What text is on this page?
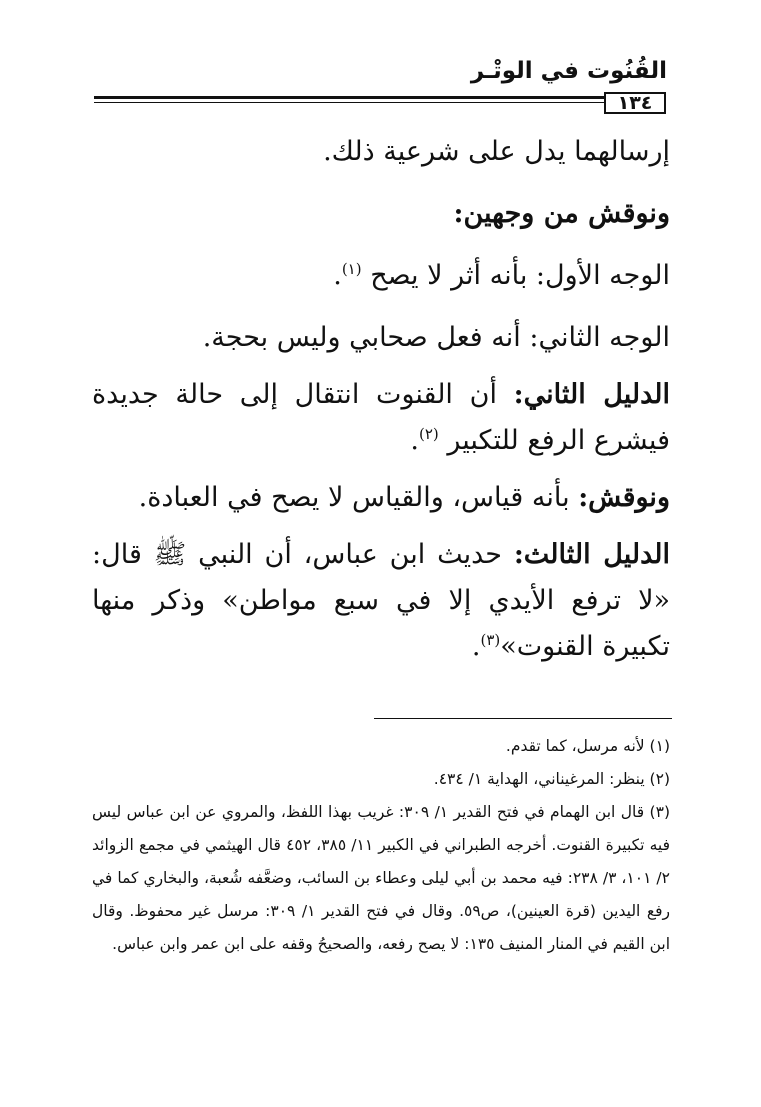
القُنُوت في الوتْـر
١٣٤

إرسالهما يدل على شرعية ذلك.

ونوقش من وجهين:

الوجه الأول: بأنه أثر لا يصح $^{(١)}$.

الوجه الثاني: أنه فعل صحابي وليس بحجة.

الدليل الثاني: أن القنوت انتقال إلى حالة جديدة فيشرع الرفع للتكبير $^{(٢)}$.

ونوقش: بأنه قياس، والقياس لا يصح في العبادة.

الدليل الثالث: حديث ابن عباس، أن النبي ﷺ قال: «لا ترفع الأيدي إلا في سبع مواطن» وذكر منها تكبيرة القنوت»$^{(٣)}$.

(١) لأنه مرسل، كما تقدم.

(٢) ينظر: المرغيناني، الهداية ١/ ٤٣٤.

(٣) قال ابن الهمام في فتح القدير ١/ ٣٠٩: غريب بهذا اللفظ، والمروي عن ابن عباس ليس فيه تكبيرة القنوت. أخرجه الطبراني في الكبير ١١/ ٣٨٥، ٤٥٢ قال الهيثمي في مجمع الزوائد ٢/ ١٠١، ٣/ ٢٣٨: فيه محمد بن أبي ليلى وعطاء بن السائب، وضعَّفه شُعبة، والبخاري كما في رفع اليدين (قرة العينين)، ص٥٩. وقال في فتح القدير ١/ ٣٠٩: مرسل غير محفوظ. وقال ابن القيم في المنار المنيف ١٣٥: لا يصح رفعه، والصحيحُ وقفه على ابن عمر وابن عباس.
